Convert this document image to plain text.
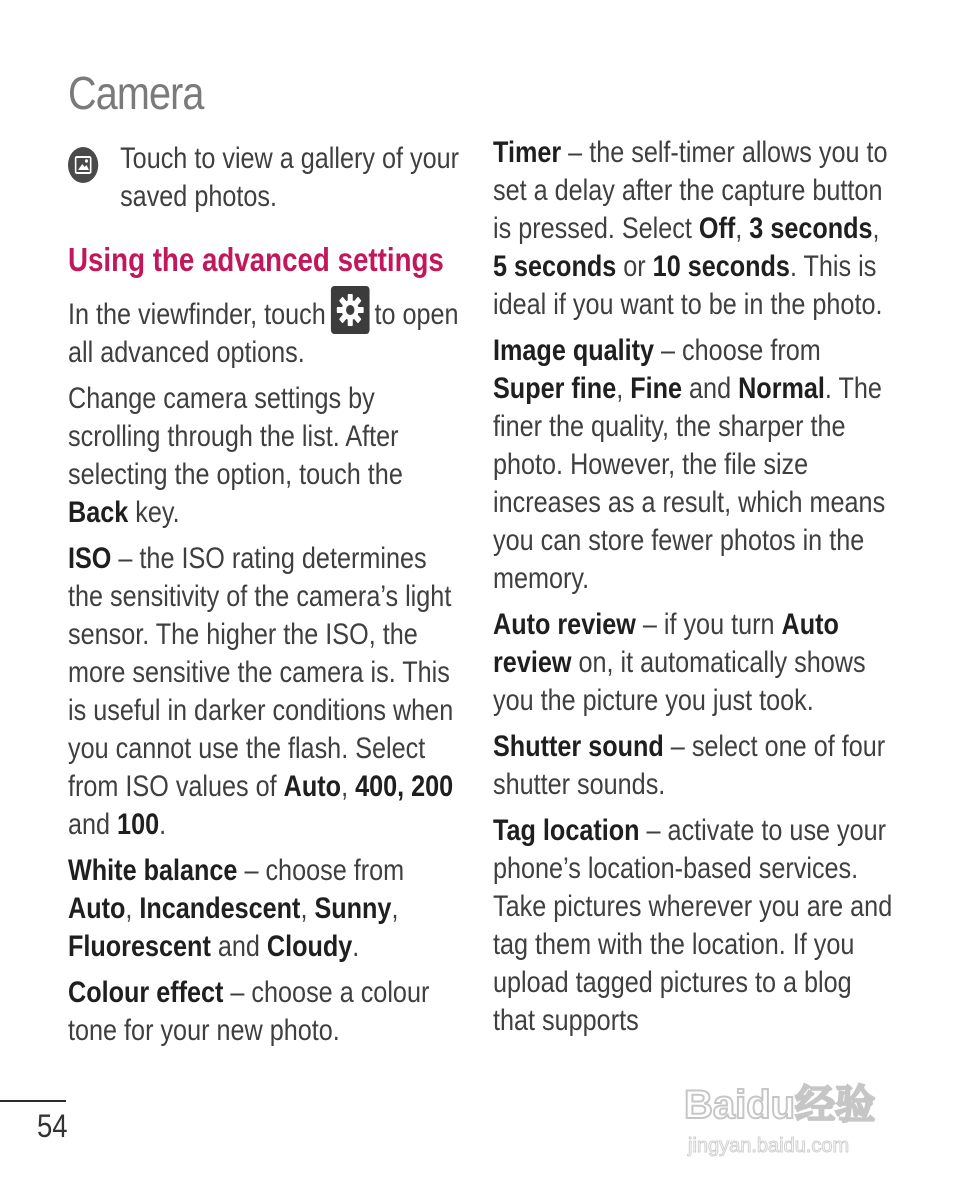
Camera

Touch to view a gallery of your saved photos.

Using the advanced settings

In the viewfinder, touch to open all advanced options.

Change camera settings by scrolling through the list. After selecting the option, touch the Back key.

ISO – the ISO rating determines the sensitivity of the camera’s light sensor. The higher the ISO, the more sensitive the camera is. This is useful in darker conditions when you cannot use the flash. Select from ISO values of Auto, 400, 200 and 100.

White balance – choose from Auto, Incandescent, Sunny, Fluorescent and Cloudy.

Colour effect – choose a colour tone for your new photo.

Timer – the self-timer allows you to set a delay after the capture button is pressed. Select Off, 3 seconds, 5 seconds or 10 seconds. This is ideal if you want to be in the photo.

Image quality – choose from Super fine, Fine and Normal. The finer the quality, the sharper the photo. However, the file size increases as a result, which means you can store fewer photos in the memory.

Auto review – if you turn Auto review on, it automatically shows you the picture you just took.

Shutter sound – select one of four shutter sounds.

Tag location – activate to use your phone’s location-based services. Take pictures wherever you are and tag them with the location. If you upload tagged pictures to a blog that supports

54	Baidu经验
jingyan.baidu.com
